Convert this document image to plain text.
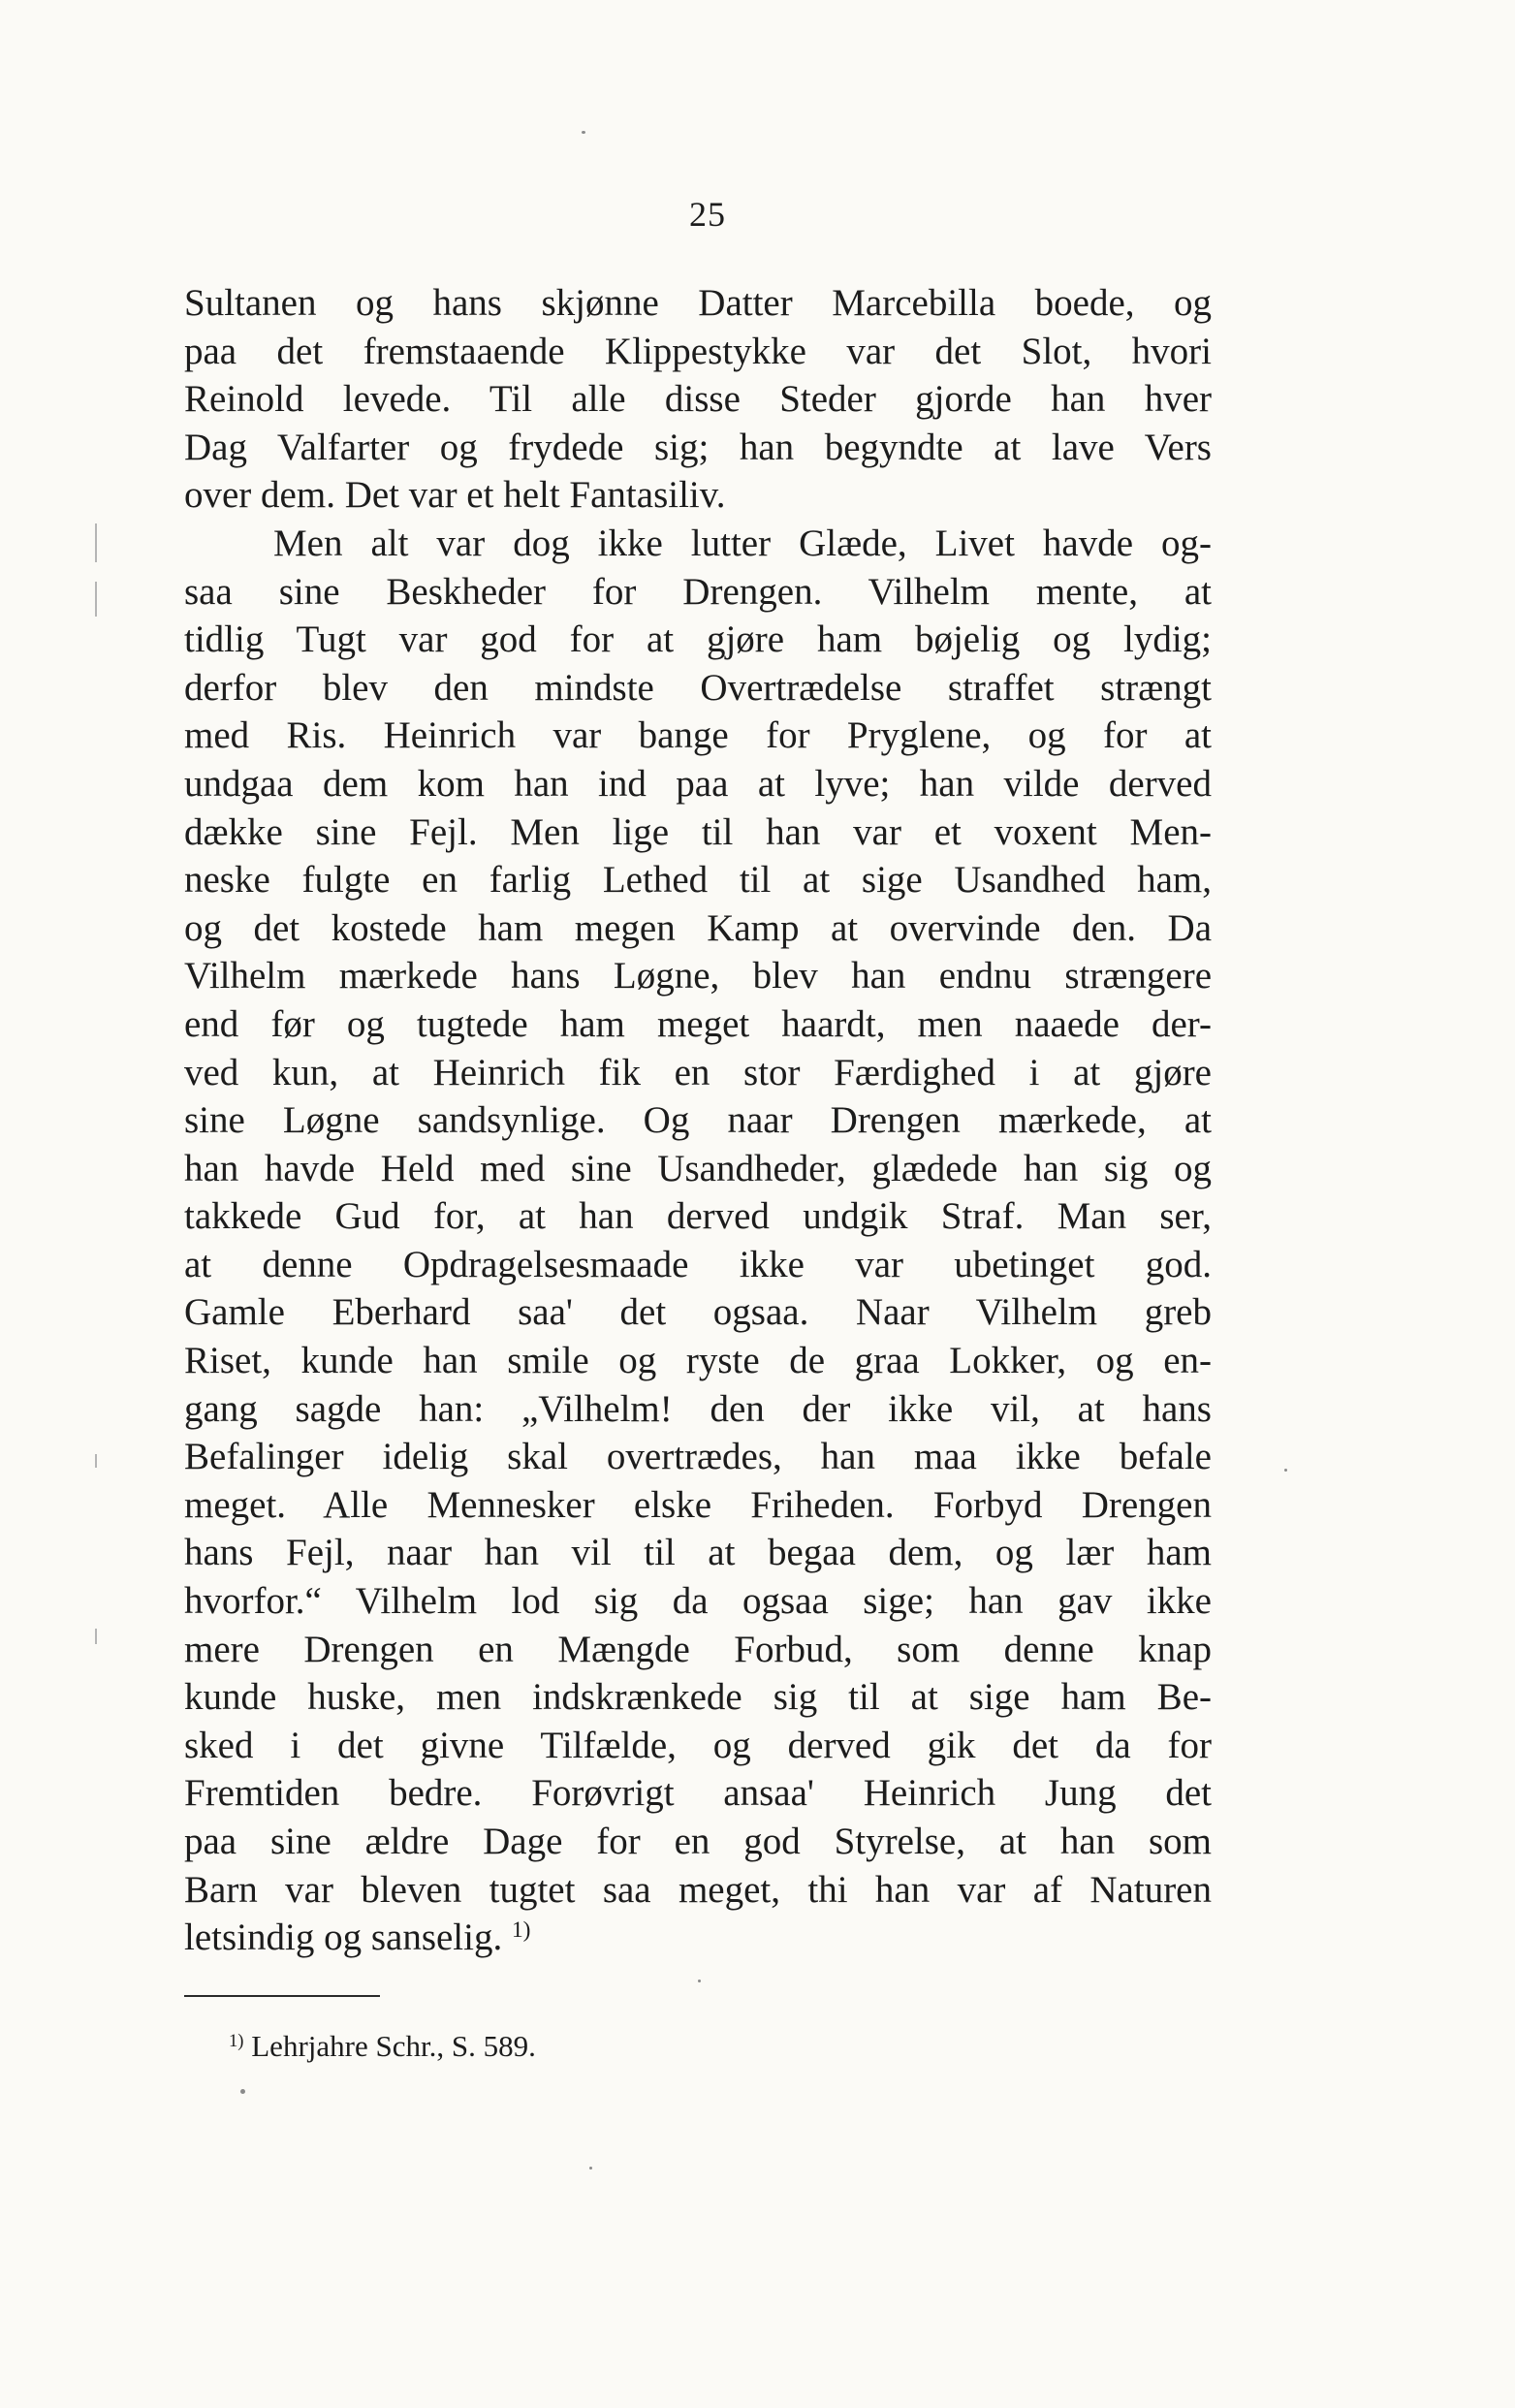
25
Sultanen og hans skjønne Datter Marcebilla boede, og
paa det fremstaaende Klippestykke var det Slot, hvori
Reinold levede. Til alle disse Steder gjorde han hver
Dag Valfarter og frydede sig; han begyndte at lave Vers
over dem. Det var et helt Fantasiliv.
Men alt var dog ikke lutter Glæde, Livet havde og-
saa sine Beskheder for Drengen. Vilhelm mente, at
tidlig Tugt var god for at gjøre ham bøjelig og lydig;
derfor blev den mindste Overtrædelse straffet strængt
med Ris. Heinrich var bange for Pryglene, og for at
undgaa dem kom han ind paa at lyve; han vilde derved
dække sine Fejl. Men lige til han var et voxent Men-
neske fulgte en farlig Lethed til at sige Usandhed ham,
og det kostede ham megen Kamp at overvinde den. Da
Vilhelm mærkede hans Løgne, blev han endnu strængere
end før og tugtede ham meget haardt, men naaede der-
ved kun, at Heinrich fik en stor Færdighed i at gjøre
sine Løgne sandsynlige. Og naar Drengen mærkede, at
han havde Held med sine Usandheder, glædede han sig og
takkede Gud for, at han derved undgik Straf. Man ser,
at denne Opdragelsesmaade ikke var ubetinget god.
Gamle Eberhard saa' det ogsaa. Naar Vilhelm greb
Riset, kunde han smile og ryste de graa Lokker, og en-
gang sagde han: „Vilhelm! den der ikke vil, at hans
Befalinger idelig skal overtrædes, han maa ikke befale
meget. Alle Mennesker elske Friheden. Forbyd Drengen
hans Fejl, naar han vil til at begaa dem, og lær ham
hvorfor.“ Vilhelm lod sig da ogsaa sige; han gav ikke
mere Drengen en Mængde Forbud, som denne knap
kunde huske, men indskrænkede sig til at sige ham Be-
sked i det givne Tilfælde, og derved gik det da for
Fremtiden bedre. Forøvrigt ansaa' Heinrich Jung det
paa sine ældre Dage for en god Styrelse, at han som
Barn var bleven tugtet saa meget, thi han var af Naturen
letsindig og sanselig. $^{1)}$
$^{1)}$ Lehrjahre Schr., S. 589.
